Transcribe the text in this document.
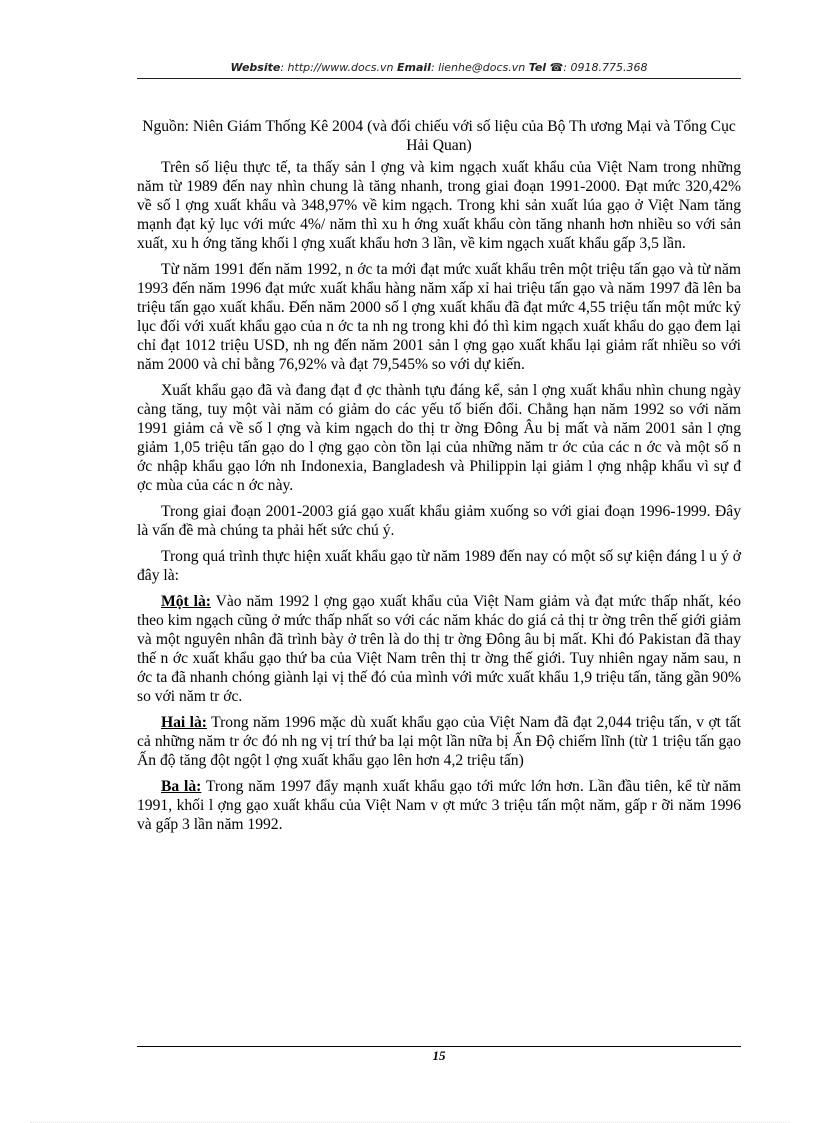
Website: http://www.docs.vn Email: lienhe@docs.vn Tel ☎: 0918.775.368
Nguồn: Niên Giám Thống Kê 2004 (và đối chiếu với số liệu của Bộ Th ương Mại và Tổng Cục Hải Quan)

Trên số liệu thực tế, ta thấy sản l ợng và kim ngạch xuất khẩu của Việt Nam trong những năm từ 1989 đến nay nhìn chung là tăng nhanh, trong giai đoạn 1991-2000. Đạt mức 320,42% về số l ợng xuất khẩu và 348,97% về kim ngạch. Trong khi sản xuất lúa gạo ở Việt Nam tăng mạnh đạt kỷ lục với mức 4%/ năm thì xu h ớng xuất khẩu còn tăng nhanh hơn nhiều so với sản xuất, xu h ớng tăng khối l ợng xuất khẩu hơn 3 lần, về kim ngạch xuất khẩu gấp 3,5 lần.

Từ năm 1991 đến năm 1992, n ớc ta mới đạt mức xuất khẩu trên một triệu tấn gạo và từ năm 1993 đến năm 1996 đạt mức xuất khẩu hàng năm xấp xỉ hai triệu tấn gạo và năm 1997 đã lên ba triệu tấn gạo xuất khẩu. Đến năm 2000 số l ợng xuất khẩu đã đạt mức 4,55 triệu tấn một mức kỷ lục đối với xuất khẩu gạo của n ớc ta nh ng trong khi đó thì kim ngạch xuất khẩu do gạo đem lại chỉ đạt 1012 triệu USD, nh ng đến năm 2001 sản l ợng gạo xuất khẩu lại giảm rất nhiều so với năm 2000 và chỉ bằng 76,92% và đạt 79,545% so với dự kiến.

Xuất khẩu gạo đã và đang đạt đ ợc thành tựu đáng kể, sản l ợng xuất khẩu nhìn chung ngày càng tăng, tuy một vài năm có giảm do các yếu tố biến đổi. Chẳng hạn năm 1992 so với năm 1991 giảm cả về số l ợng và kim ngạch do thị tr ờng Đông Âu bị mất và năm 2001 sản l ợng giảm 1,05 triệu tấn gạo do l ợng gạo còn tồn lại của những năm tr ớc của các n ớc và một số n ớc nhập khẩu gạo lớn nh Indonexia, Bangladesh và Philippin lại giảm l ợng nhập khẩu vì sự đ ợc mùa của các n ớc này.

Trong giai đoạn 2001-2003 giá gạo xuất khẩu giảm xuống so với giai đoạn 1996-1999. Đây là vấn đề mà chúng ta phải hết sức chú ý.

Trong quá trình thực hiện xuất khẩu gạo từ năm 1989 đến nay có một số sự kiện đáng l u ý ở đây là:

Một là: Vào năm 1992 l ợng gạo xuất khẩu của Việt Nam giảm và đạt mức thấp nhất, kéo theo kim ngạch cũng ở mức thấp nhất so với các năm khác do giá cả thị tr ờng trên thế giới giảm và một nguyên nhân đã trình bày ở trên là do thị tr ờng Đông âu bị mất. Khi đó Pakistan đã thay thế n ớc xuất khẩu gạo thứ ba của Việt Nam trên thị tr ờng thế giới. Tuy nhiên ngay năm sau, n ớc ta đã nhanh chóng giành lại vị thế đó của mình với mức xuất khẩu 1,9 triệu tấn, tăng gần 90% so với năm tr ớc.

Hai là: Trong năm 1996 mặc dù xuất khẩu gạo của Việt Nam đã đạt 2,044 triệu tấn, v ợt tất cả những năm tr ớc đó nh ng vị trí thứ ba lại một lần nữa bị Ấn Độ chiếm lĩnh (từ 1 triệu tấn gạo Ấn độ tăng đột ngột l ợng xuất khẩu gạo lên hơn 4,2 triệu tấn)

Ba là: Trong năm 1997 đẩy mạnh xuất khẩu gạo tới mức lớn hơn. Lần đầu tiên, kể từ năm 1991, khối l ợng gạo xuất khẩu của Việt Nam v ợt mức 3 triệu tấn một năm, gấp r ỡi năm 1996 và gấp 3 lần năm 1992.

15
